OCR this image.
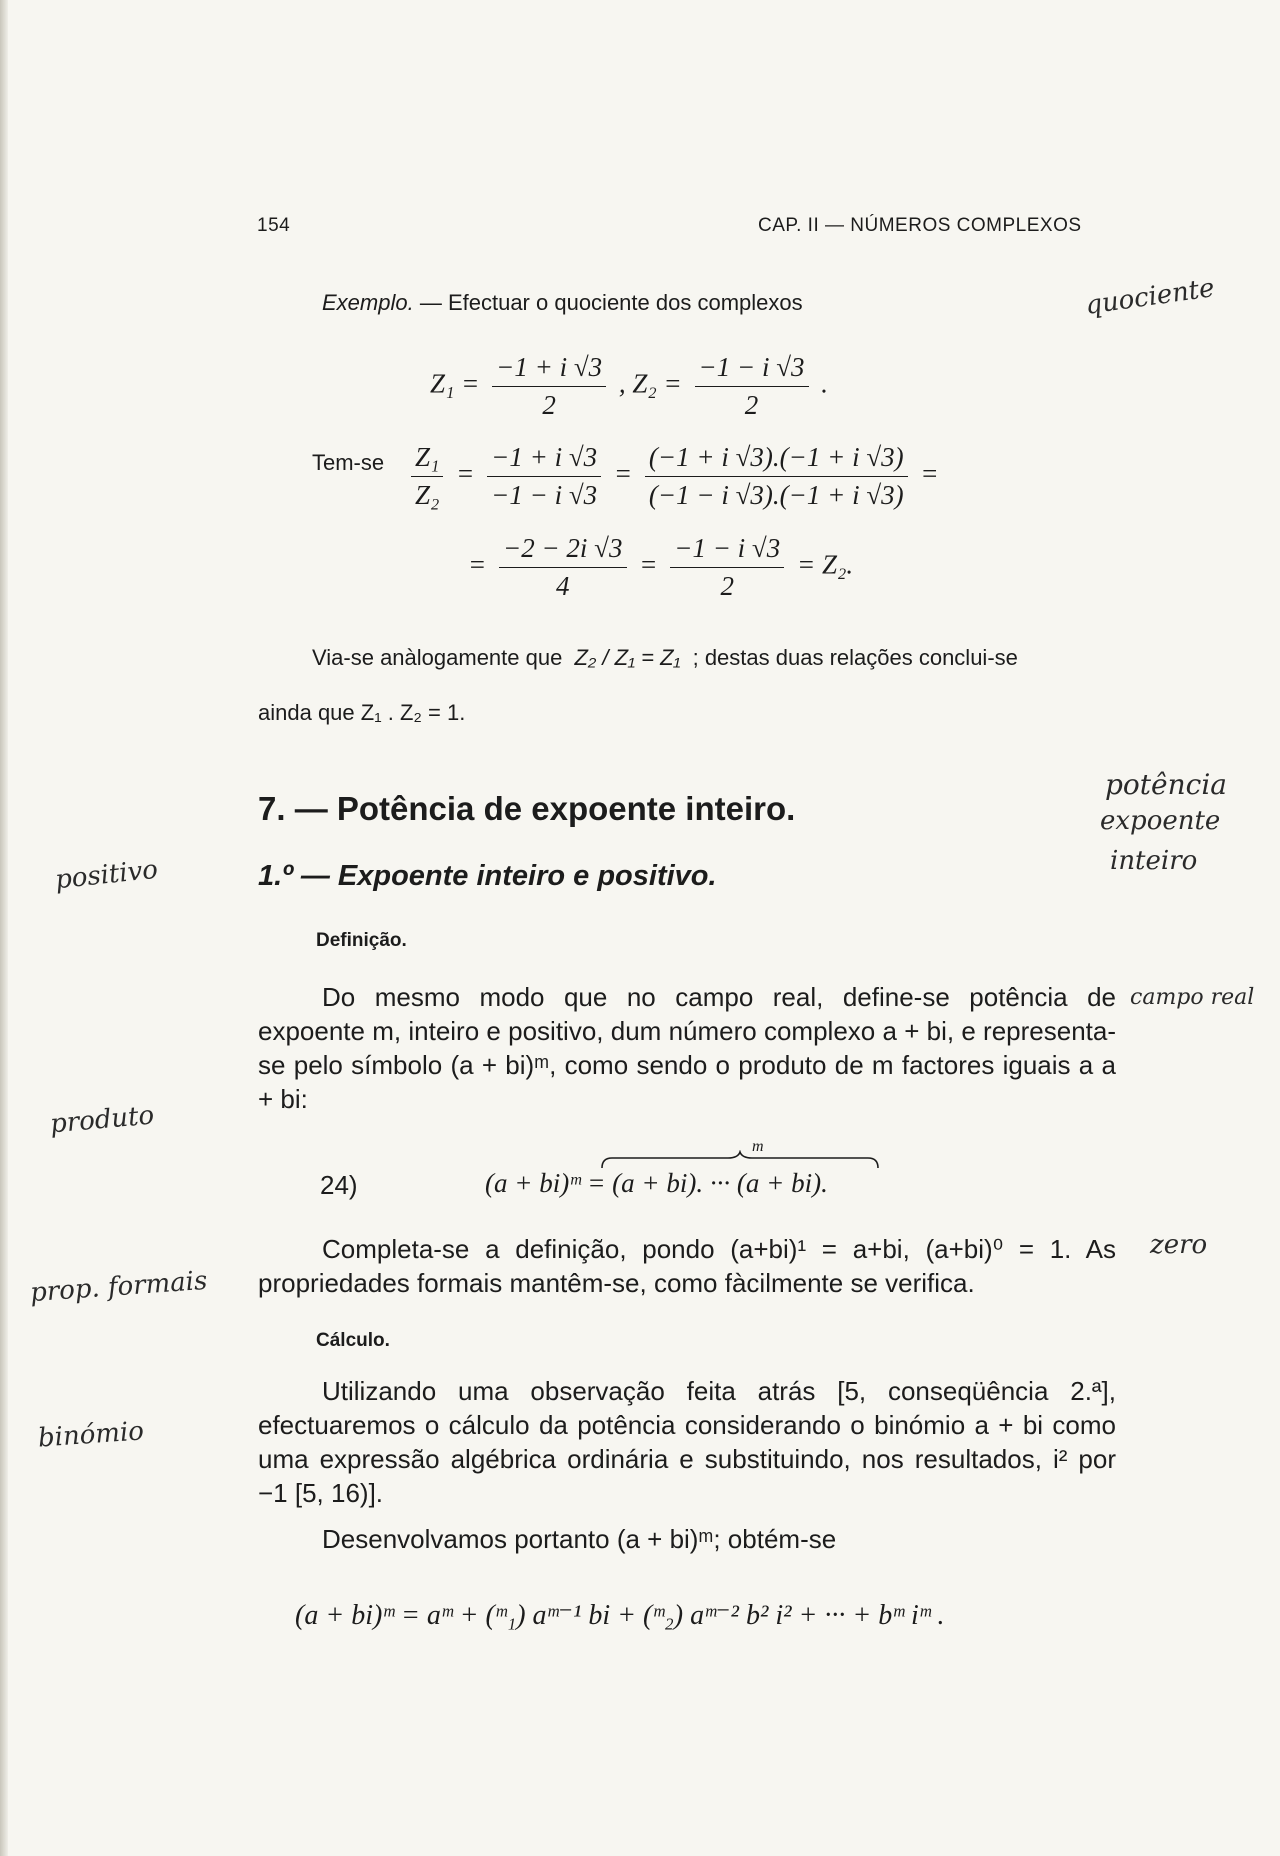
154	CAP. II — NÚMEROS COMPLEXOS
Exemplo. — Efectuar o quociente dos complexos
$Z_1 = \frac{-1 + i √3}{2}$ , $Z_2 = \frac{-1 - i √3}{2}$ .
$Tem-se \frac{\text{Z₁}}{\text{Z₂}} = \frac{-1 + i √3}{-1 - i √3} = \frac{(-1 + i √3).(-1 + i √3)}{(-1 - i √3).(-1 + i √3)}$ =
= $\frac{-2 - 2i √3}{4} = \frac{-1 - i √3}{2} = Z_2$.
Via-se anàlogamente que Z₂ / Z₁ = Z₁ ; destas duas relações conclui-se
ainda que Z₁ . Z₂ = 1.
7. — Potência de expoente inteiro.
1.º — Expoente inteiro e positivo.
Definição.

Do mesmo modo que no campo real, define-se potência de expoente m, inteiro e positivo, dum número complexo a + bi, e representa-se pelo símbolo (a + bi)ᵐ, como sendo o produto de m factores iguais a a + bi:

24)
m
(a + bi)ᵐ = (a + bi). ··· (a + bi).

Completa-se a definição, pondo (a+bi)¹ = a+bi, (a+bi)⁰ = 1. As propriedades formais mantêm-se, como fàcilmente se verifica.

Cálculo.

Utilizando uma observação feita atrás [5, conseqüência 2.ª], efectuaremos o cálculo da potência considerando o binómio a + bi como uma expressão algébrica ordinária e substituindo, nos resultados, i² por −1 [5, 16)].

Desenvolvamos portanto (a + bi)ᵐ; obtém-se
(a + bi)ᵐ = aᵐ + (ᵐ₁) aᵐ⁻¹ bi + (ᵐ₂) aᵐ⁻² b² i² + ··· + bᵐ iᵐ .
quociente
potência
expoente
inteiro
positivo
campo real
produto
zero
prop. formais
binómio
